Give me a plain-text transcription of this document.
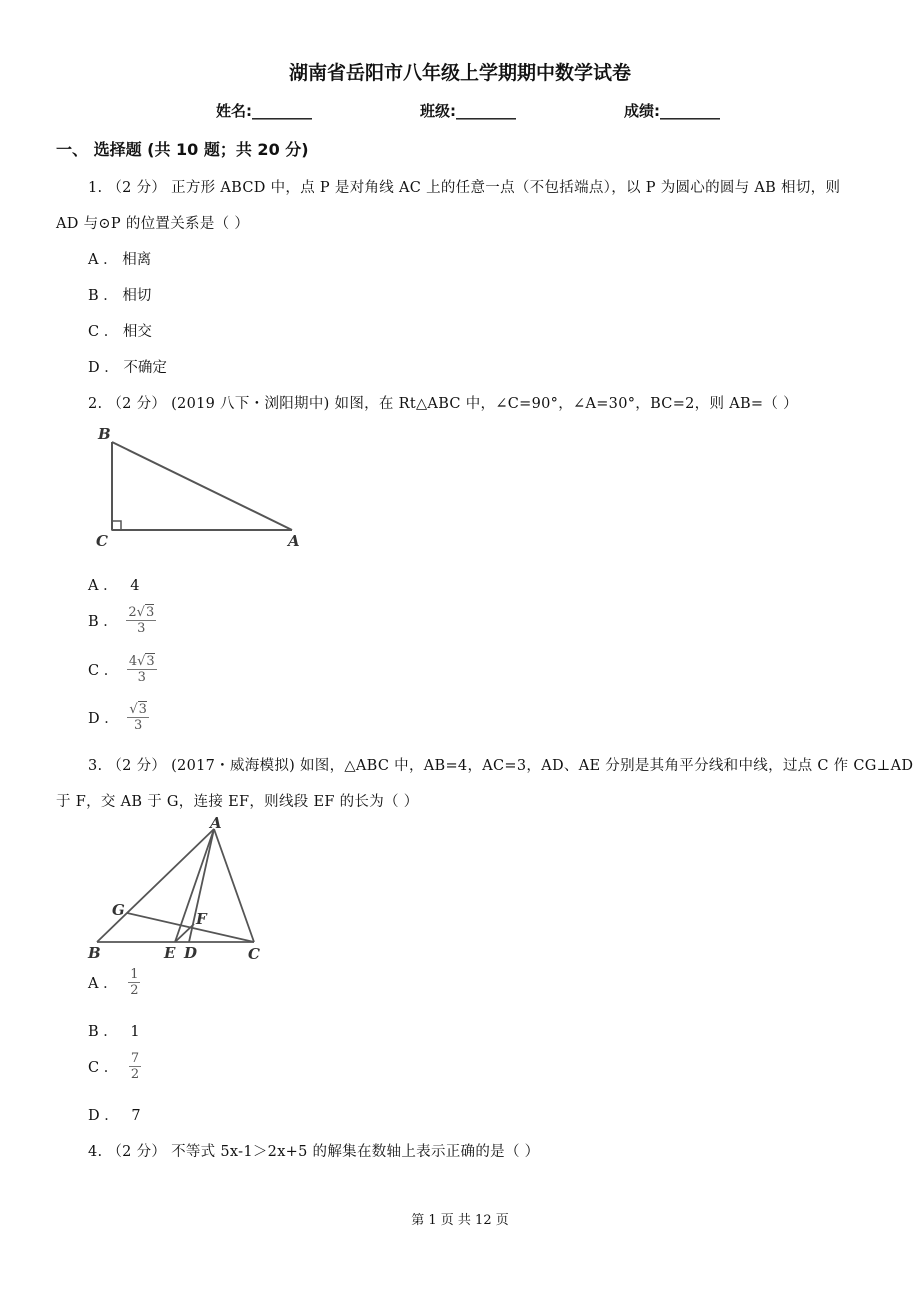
湖南省岳阳市八年级上学期期中数学试卷
姓名:________	班级:________	成绩:________
一、 选择题 (共 10 题；共 20 分)
1. （2 分） 正方形 ABCD 中，点 P 是对角线 AC 上的任意一点（不包括端点），以 P 为圆心的圆与 AB 相切，则
AD 与⊙P 的位置关系是（ ）
A ． 相离
B ． 相切
C ． 相交
D ． 不确定
2. （2 分） (2019 八下・浏阳期中) 如图，在 Rt△ABC 中，∠C=90°，∠A=30°，BC=2，则 AB=（ ）
B
C	A
A ． 4
B ． $\frac{2√3}{3}$
C ． $\frac{4√3}{3}$
D ． $\frac{√3}{3}$
3. （2 分） (2017・威海模拟) 如图，△ABC 中，AB=4，AC=3，AD、AE 分别是其角平分线和中线，过点 C 作 CG⊥AD
于 F，交 AB 于 G，连接 EF，则线段 EF 的长为（ ）
A
G	F
B	E D	C
A ． $\frac{1}{2}$
B ． 1
C ． $\frac{7}{2}$
D ． 7
4. （2 分） 不等式 5x-1＞2x+5 的解集在数轴上表示正确的是（ ）
第 1 页 共 12 页
